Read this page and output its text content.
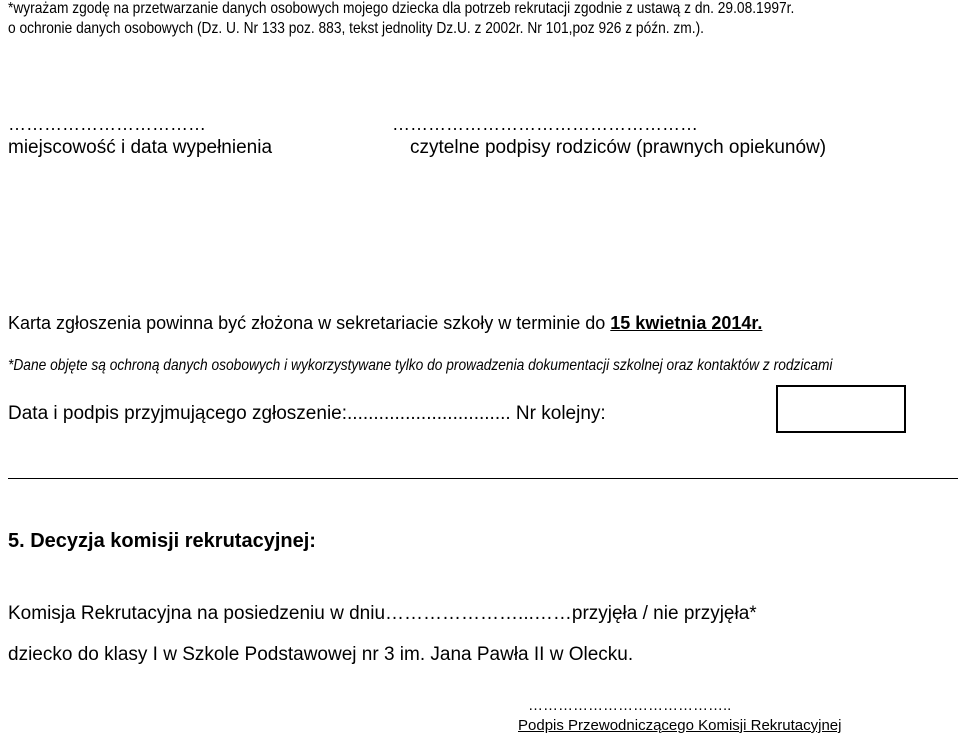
*wyrażam zgodę na przetwarzanie danych osobowych mojego dziecka dla potrzeb rekrutacji zgodnie z ustawą z dn. 29.08.1997r.
o ochronie danych osobowych (Dz. U. Nr 133 poz. 883, tekst jednolity Dz.U. z 2002r. Nr 101,poz 926 z późn. zm.).
……………………………	……………………………………………
miejscowość i data wypełnienia	czytelne podpisy rodziców (prawnych opiekunów)
Karta zgłoszenia powinna być złożona w sekretariacie szkoły w terminie do 15 kwietnia 2014r.
*Dane objęte są ochroną danych osobowych i wykorzystywane tylko do prowadzenia dokumentacji szkolnej oraz kontaktów z rodzicami
Data i podpis przyjmującego zgłoszenie:............................... Nr kolejny:
5. Decyzja komisji rekrutacyjnej:
Komisja Rekrutacyjna na posiedzeniu w dniu…………………...……przyjęła / nie przyjęła*
dziecko do klasy I w Szkole Podstawowej nr 3 im. Jana Pawła II w Olecku.
…………………………………..
Podpis Przewodniczącego Komisji Rekrutacyjnej
